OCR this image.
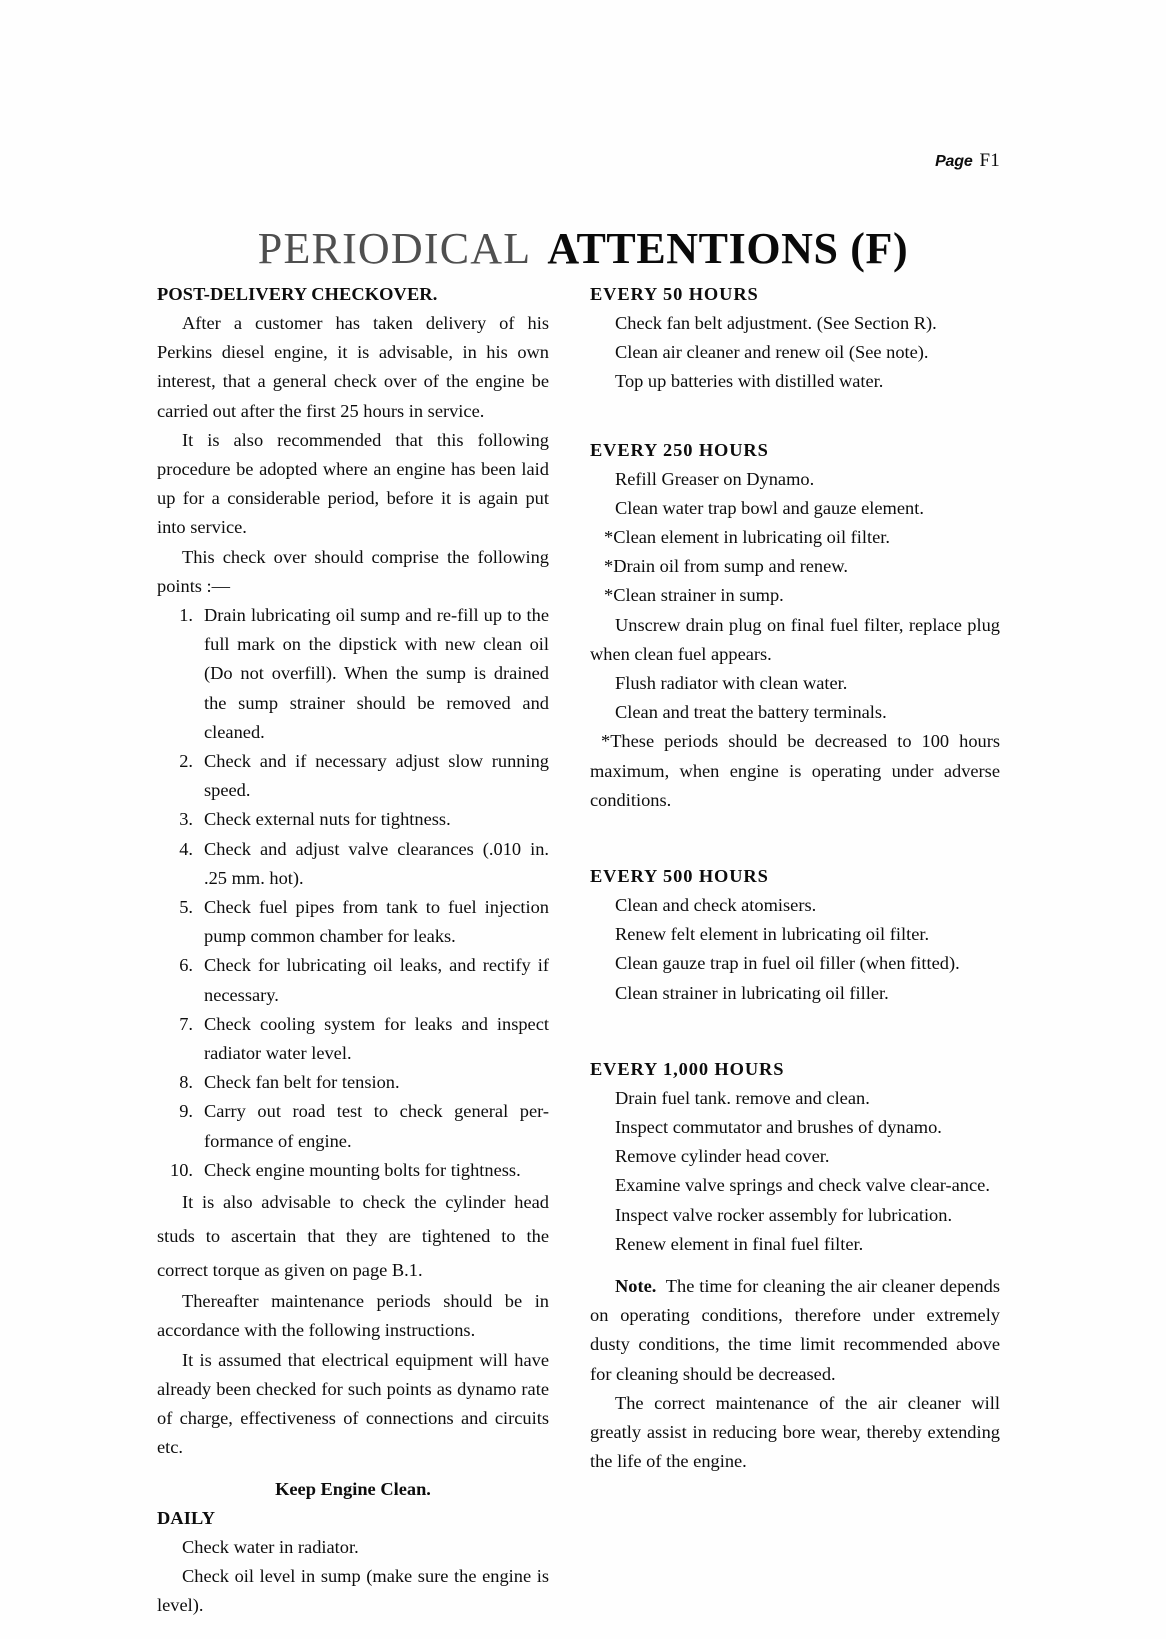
Page F1
PERIODICAL ATTENTIONS (F)
POST-DELIVERY CHECKOVER.

After a customer has taken delivery of his Perkins diesel engine, it is advisable, in his own interest, that a general check over of the engine be carried out after the first 25 hours in service.

It is also recommended that this following procedure be adopted where an engine has been laid up for a considerable period, before it is again put into service.

This check over should comprise the following points :—

1. Drain lubricating oil sump and re-fill up to the full mark on the dipstick with new clean oil (Do not overfill). When the sump is drained the sump strainer should be removed and cleaned.
2. Check and if necessary adjust slow running speed.
3. Check external nuts for tightness.
4. Check and adjust valve clearances (.010 in. .25 mm. hot).
5. Check fuel pipes from tank to fuel injection pump common chamber for leaks.
6. Check for lubricating oil leaks, and rectify if necessary.
7. Check cooling system for leaks and inspect radiator water level.
8. Check fan belt for tension.
9. Carry out road test to check general per-formance of engine.
10. Check engine mounting bolts for tightness.

It is also advisable to check the cylinder head studs to ascertain that they are tightened to the correct torque as given on page B.1.

Thereafter maintenance periods should be in accordance with the following instructions.

It is assumed that electrical equipment will have already been checked for such points as dynamo rate of charge, effectiveness of connections and circuits etc.

Keep Engine Clean.

DAILY
Check water in radiator.
Check oil level in sump (make sure the engine is level).
EVERY 50 HOURS
Check fan belt adjustment. (See Section R).
Clean air cleaner and renew oil (See note).
Top up batteries with distilled water.
EVERY 250 HOURS
Refill Greaser on Dynamo.
Clean water trap bowl and gauze element.
*Clean element in lubricating oil filter.
*Drain oil from sump and renew.
*Clean strainer in sump.
Unscrew drain plug on final fuel filter, replace plug when clean fuel appears.
Flush radiator with clean water.
Clean and treat the battery terminals.

*These periods should be decreased to 100 hours maximum, when engine is operating under adverse conditions.

EVERY 500 HOURS
Clean and check atomisers.
Renew felt element in lubricating oil filter.
Clean gauze trap in fuel oil filler (when fitted).
Clean strainer in lubricating oil filler.
EVERY 1,000 HOURS
Drain fuel tank. remove and clean.
Inspect commutator and brushes of dynamo.
Remove cylinder head cover.
Examine valve springs and check valve clear-ance.
Inspect valve rocker assembly for lubrication.
Renew element in final fuel filter.

Note. The time for cleaning the air cleaner depends on operating conditions, therefore under extremely dusty conditions, the time limit recommended above for cleaning should be decreased.

The correct maintenance of the air cleaner will greatly assist in reducing bore wear, thereby extending the life of the engine.
